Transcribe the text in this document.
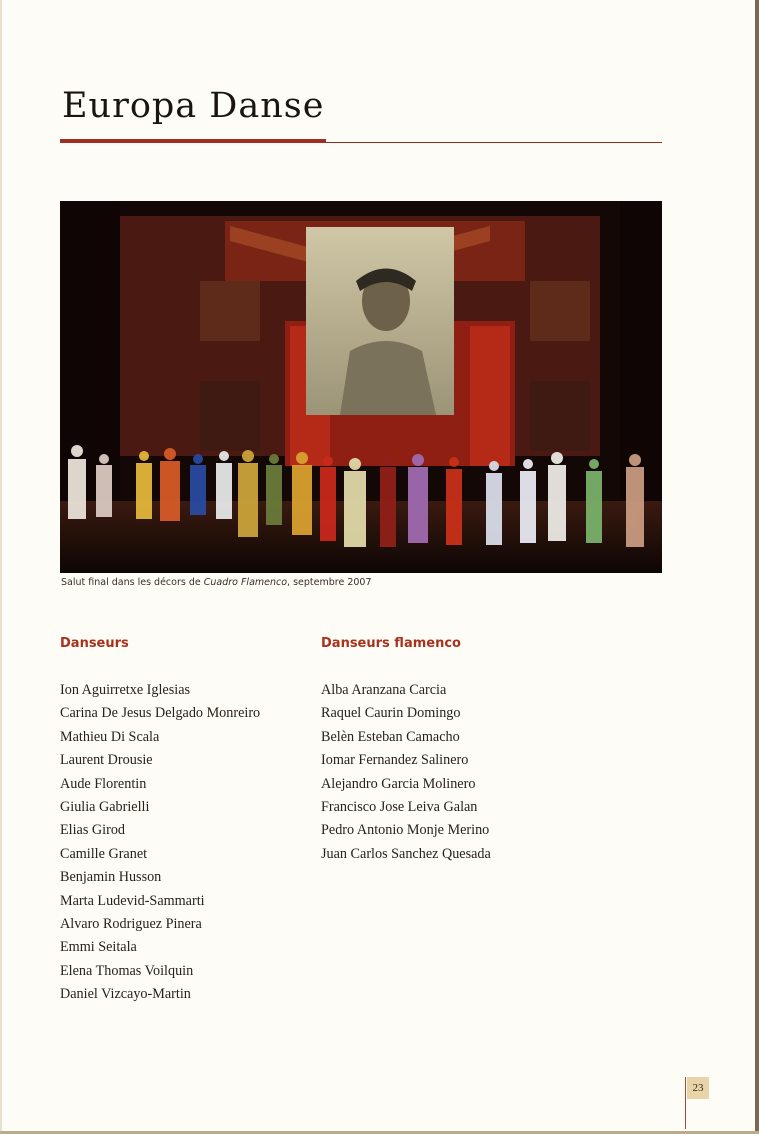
Europa Danse
Salut final dans les décors de Cuadro Flamenco, septembre 2007
Danseurs
Ion Aguirretxe Iglesias
Carina De Jesus Delgado Monreiro
Mathieu Di Scala
Laurent Drousie
Aude Florentin
Giulia Gabrielli
Elias Girod
Camille Granet
Benjamin Husson
Marta Ludevid-Sammarti
Alvaro Rodriguez Pinera
Emmi Seitala
Elena Thomas Voilquin
Daniel Vizcayo-Martin
Danseurs flamenco
Alba Aranzana Carcia
Raquel Caurin Domingo
Belèn Esteban Camacho
Iomar Fernandez Salinero
Alejandro Garcia Molinero
Francisco Jose Leiva Galan
Pedro Antonio Monje Merino
Juan Carlos Sanchez Quesada
23
